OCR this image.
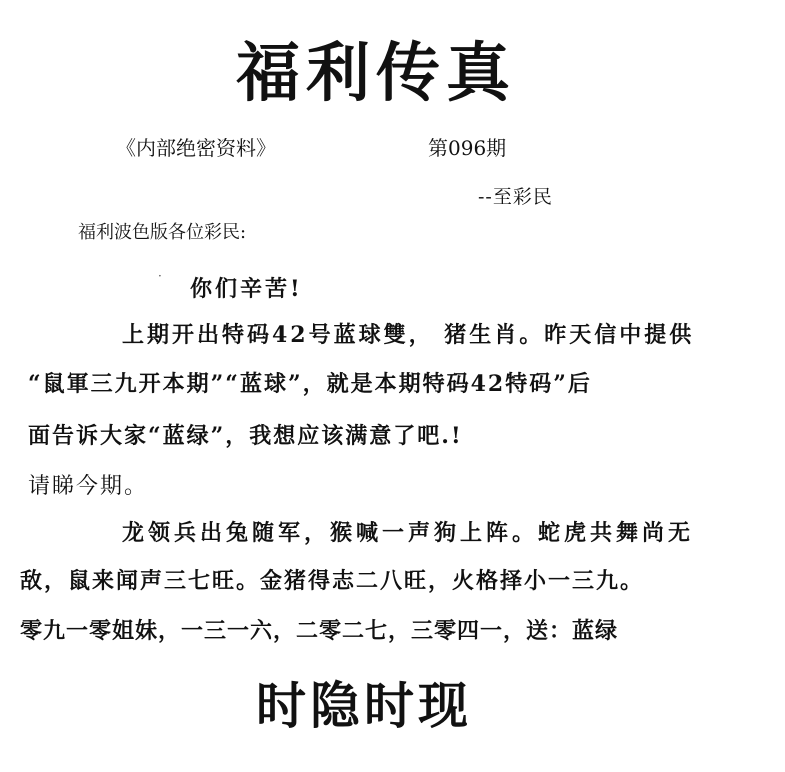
福利传真
《内部绝密资料》	第096期
--至彩民
福利波色版各位彩民:
· 你们辛苦!
上期开出特码42号蓝球雙， 猪生肖。昨天信中提供
“鼠軍三九开本期”“蓝球”，就是本期特码42特码”后
面告诉大家“蓝绿”，我想应该满意了吧.!
请睇今期。
龙领兵出兔随军，猴喊一声狗上阵。蛇虎共舞尚无
敌，鼠来闻声三七旺。金猪得志二八旺，火格择小一三九。
零九一零姐妹，一三一六，二零二七，三零四一，送：蓝绿
时隐时现
